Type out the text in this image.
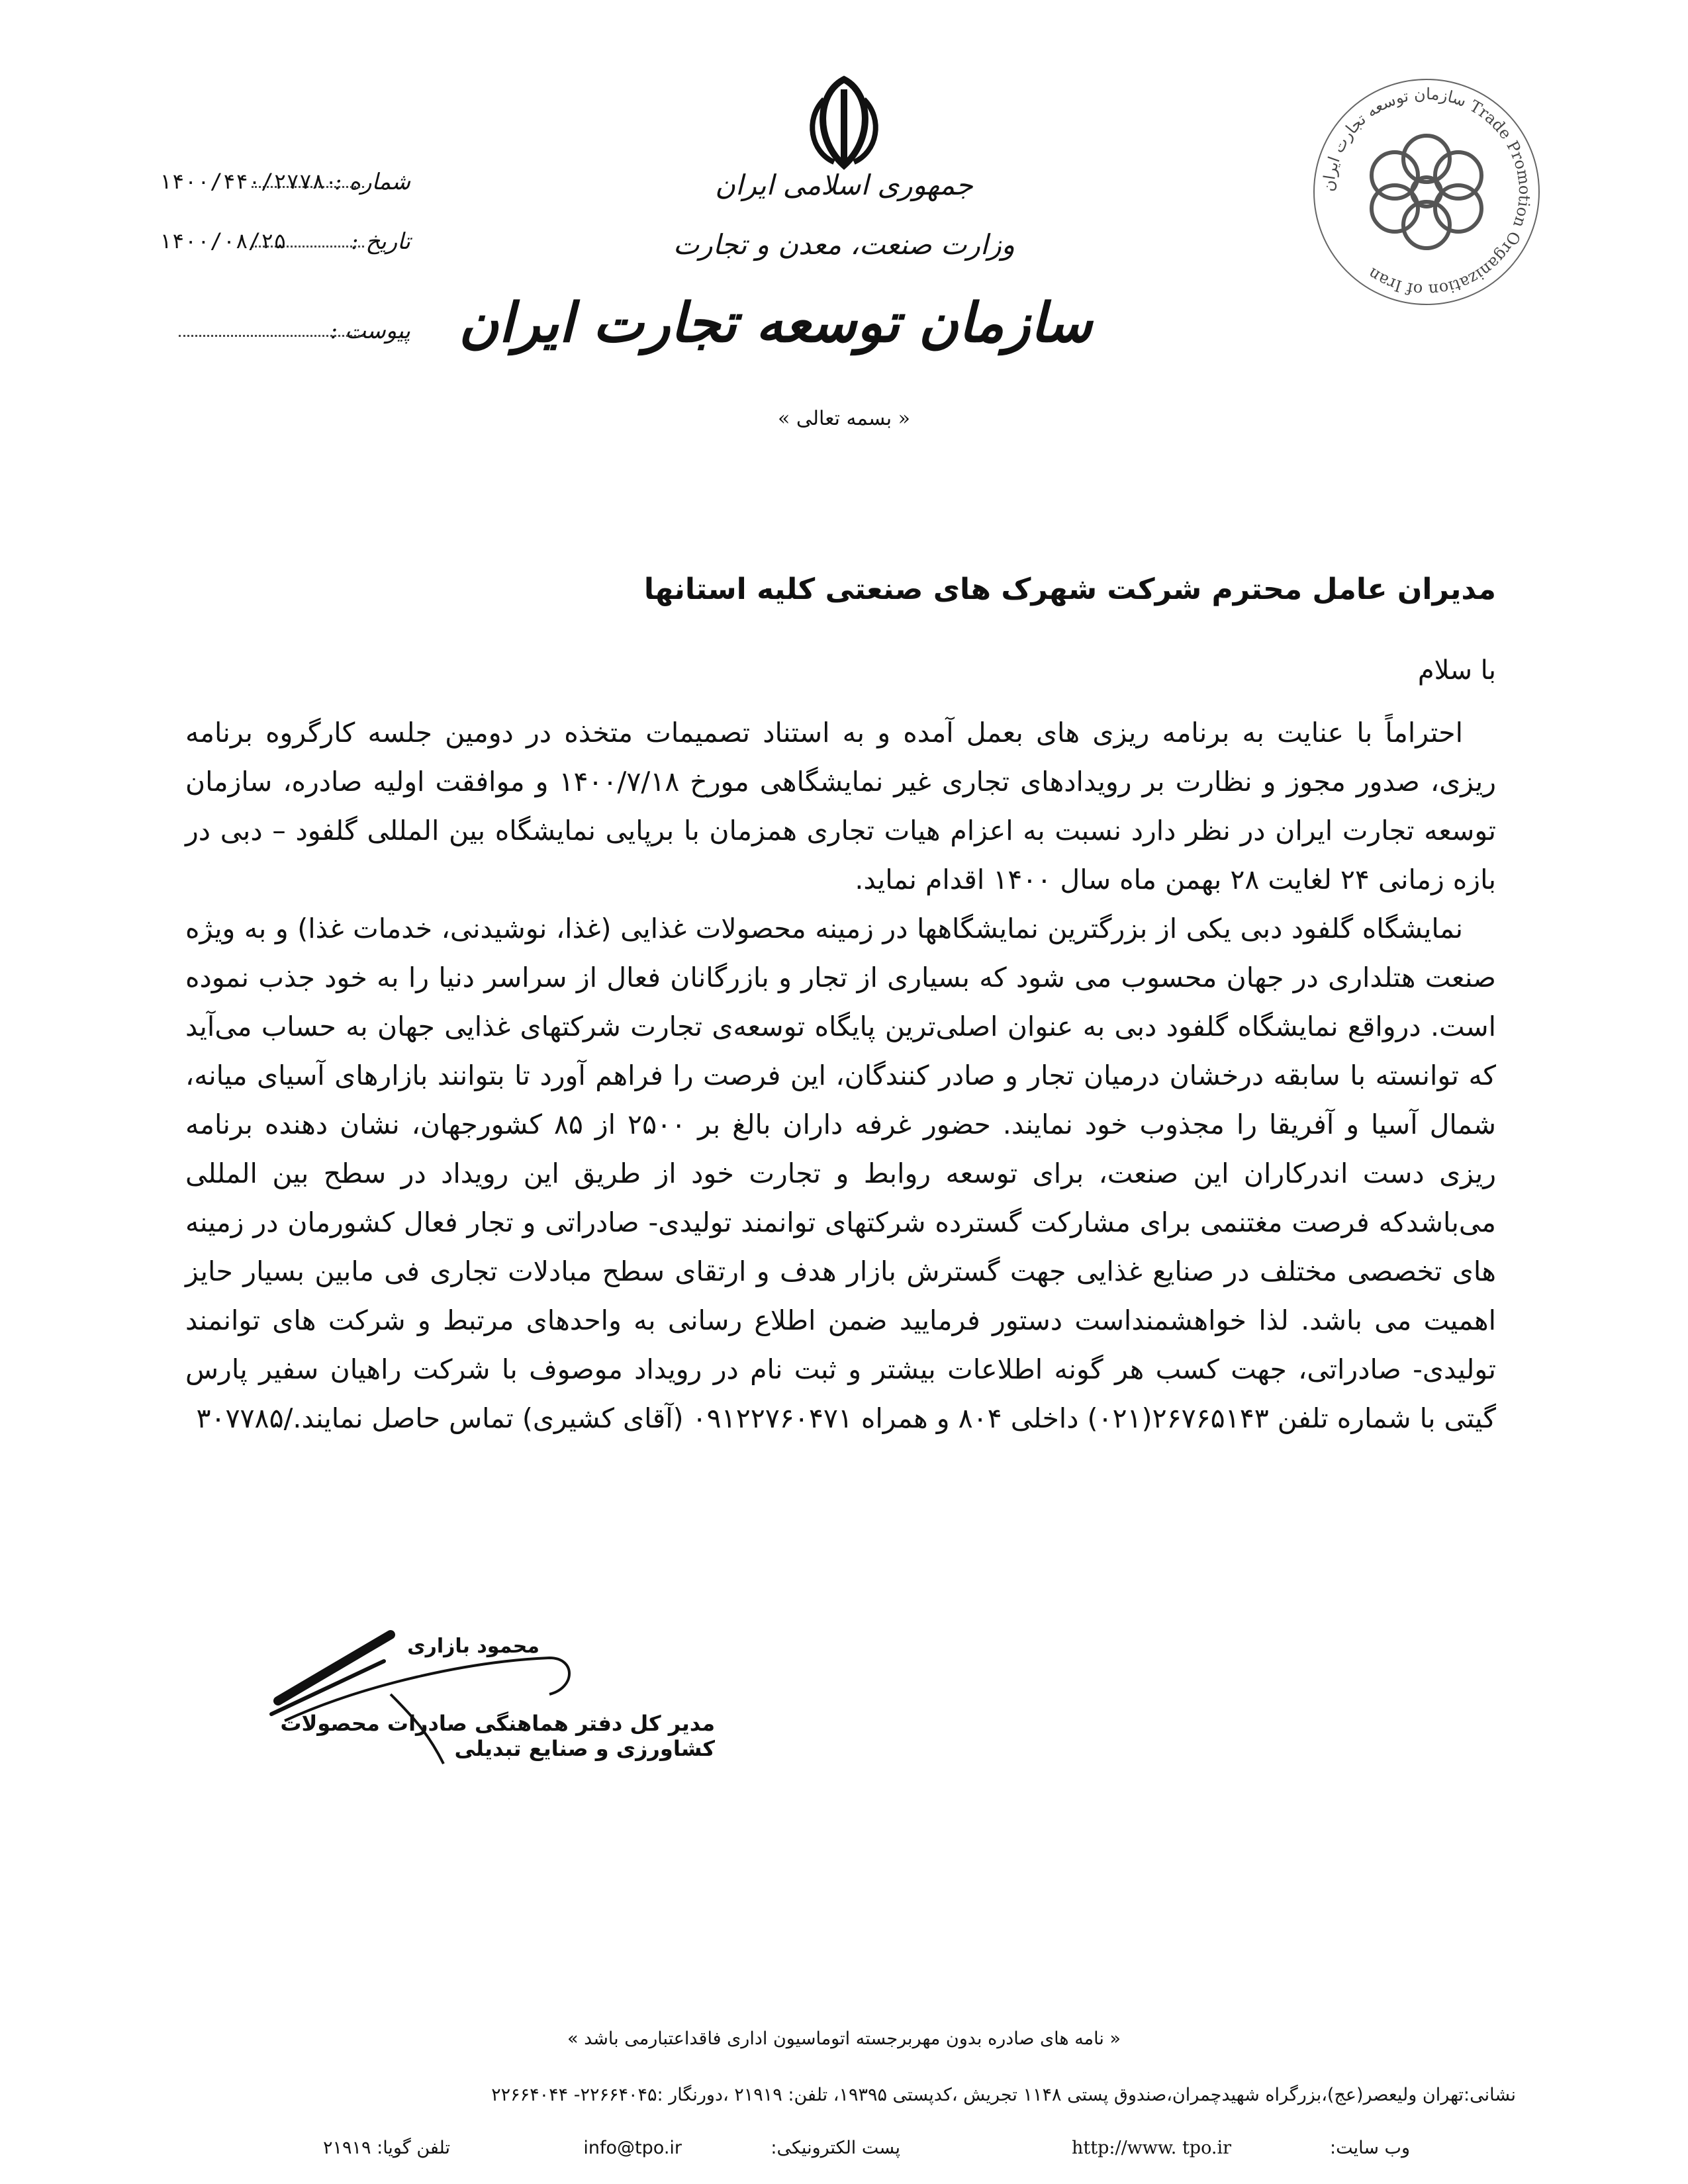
جمهوری اسلامی ایران
وزارت صنعت، معدن و تجارت
سازمان توسعه تجارت ایران
« بسمه تعالی »
سازمان توسعه تجارت ایران Trade Promotion Organization of Iran
شماره :
۱۴۰۰/۴۴۰/۲۷۷۸۰
تاریخ :
۱۴۰۰/۰۸/۲۵
پیوست :
مدیران عامل محترم شرکت شهرک های صنعتی کلیه استانها
با سلام

احتراماً با عنایت به برنامه ریزی های بعمل آمده و به استناد تصمیمات متخذه در دومین جلسه کارگروه برنامه ریزی، صدور مجوز و نظارت بر رویدادهای تجاری غیر نمایشگاهی مورخ ۱۴۰۰/۷/۱۸ و موافقت اولیه صادره، سازمان توسعه تجارت ایران در نظر دارد نسبت به اعزام هیات تجاری همزمان با برپایی نمایشگاه بین المللی گلفود – دبی در بازه زمانی ۲۴ لغایت ۲۸ بهمن ماه سال ۱۴۰۰ اقدام نماید.

نمایشگاه گلفود دبی یکی از بزرگترین نمایشگاهها در زمینه محصولات غذایی (غذا، نوشیدنی، خدمات غذا) و به ویژه صنعت هتلداری در جهان محسوب می شود که بسیاری از تجار و بازرگانان فعال از سراسر دنیا را به خود جذب نموده است. درواقع نمایشگاه گلفود دبی به عنوان اصلی‌ترین پایگاه توسعه‌ی تجارت شرکتهای غذایی جهان به حساب می‌آید که توانسته با سابقه درخشان درمیان تجار و صادر کنندگان، این فرصت را فراهم آورد تا بتوانند بازارهای آسیای میانه، شمال آسیا و آفریقا را مجذوب خود نمایند. حضور غرفه داران بالغ بر ۲۵۰۰ از ۸۵ کشورجهان، نشان دهنده برنامه ریزی دست اندرکاران این صنعت، برای توسعه روابط و تجارت خود از طریق این رویداد در سطح بین المللی می‌باشدکه فرصت مغتنمی برای مشارکت گسترده شرکتهای توانمند تولیدی- صادراتی و تجار فعال کشورمان در زمینه های تخصصی مختلف در صنایع غذایی جهت گسترش بازار هدف و ارتقای سطح مبادلات تجاری فی مابین بسیار حایز اهمیت می باشد. لذا خواهشمنداست دستور فرمایید ضمن اطلاع رسانی به واحدهای مرتبط و شرکت های توانمند تولیدی- صادراتی، جهت کسب هر گونه اطلاعات بیشتر و ثبت نام در رویداد موصوف با شرکت راهیان سفیر پارس گیتی با شماره تلفن ۲۶۷۶۵۱۴۳(۰۲۱) داخلی ۸۰۴ و همراه ۰۹۱۲۲۷۶۰۴۷۱ (آقای کشیری) تماس حاصل نمایند./۳۰۷۷۸۵

محمود بازاری
مدیر کل دفتر هماهنگی صادرات محصولات کشاورزی و صنایع تبدیلی
« نامه های صادره بدون مهربرجسته اتوماسیون اداری فاقداعتبارمی باشد »
نشانی:تهران ولیعصر(عج)،بزرگراه شهیدچمران،صندوق پستی ۱۱۴۸ تجریش ،کدپستی ۱۹۳۹۵، تلفن: ۲۱۹۱۹ ،دورنگار :۲۲۶۶۴۰۴۵- ۲۲۶۶۴۰۴۴
وب سایت:
http://www. tpo.ir
پست الکترونیکی:
info@tpo.ir
تلفن گویا: ۲۱۹۱۹
